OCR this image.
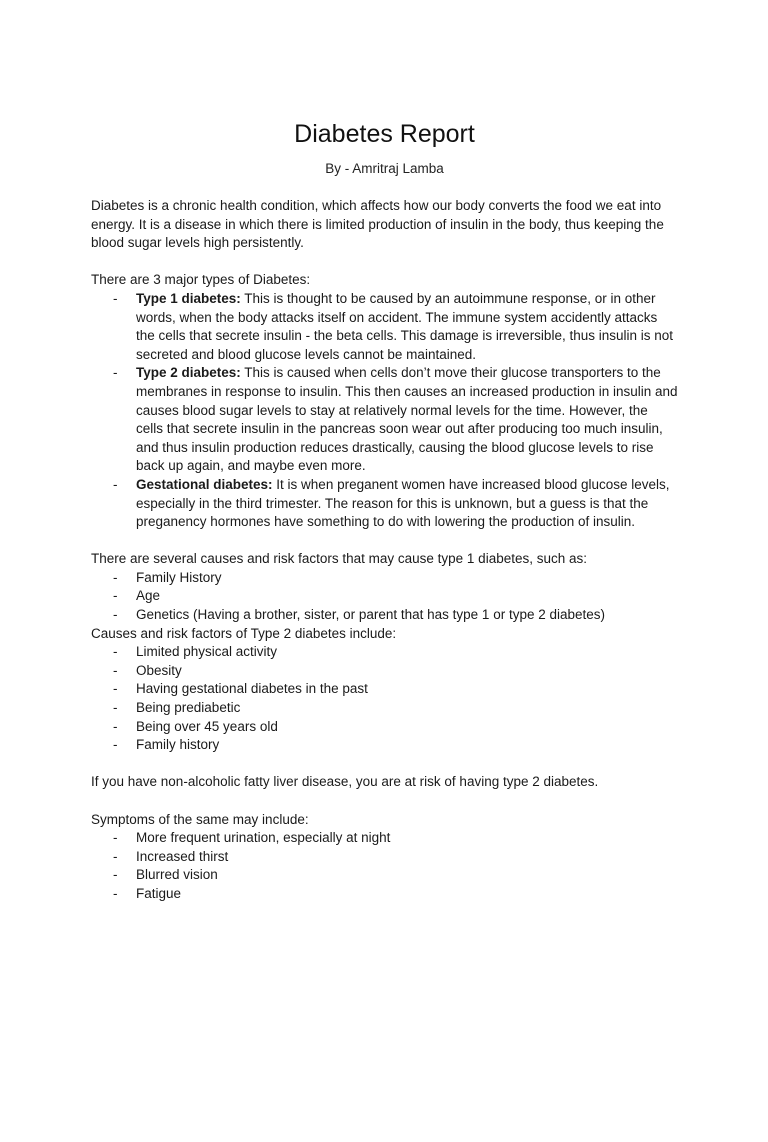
Diabetes Report
By - Amritraj Lamba

Diabetes is a chronic health condition, which affects how our body converts the food we eat into energy. It is a disease in which there is limited production of insulin in the body, thus keeping the blood sugar levels high persistently.

There are 3 major types of Diabetes:

- Type 1 diabetes: This is thought to be caused by an autoimmune response, or in other words, when the body attacks itself on accident. The immune system accidently attacks the cells that secrete insulin - the beta cells. This damage is irreversible, thus insulin is not secreted and blood glucose levels cannot be maintained.
- Type 2 diabetes: This is caused when cells don’t move their glucose transporters to the membranes in response to insulin. This then causes an increased production in insulin and causes blood sugar levels to stay at relatively normal levels for the time. However, the cells that secrete insulin in the pancreas soon wear out after producing too much insulin, and thus insulin production reduces drastically, causing the blood glucose levels to rise back up again, and maybe even more.
- Gestational diabetes: It is when preganent women have increased blood glucose levels, especially in the third trimester. The reason for this is unknown, but a guess is that the preganency hormones have something to do with lowering the production of insulin.

There are several causes and risk factors that may cause type 1 diabetes, such as:

- Family History
- Age
- Genetics (Having a brother, sister, or parent that has type 1 or type 2 diabetes)

Causes and risk factors of Type 2 diabetes include:

- Limited physical activity
- Obesity
- Having gestational diabetes in the past
- Being prediabetic
- Being over 45 years old
- Family history

If you have non-alcoholic fatty liver disease, you are at risk of having type 2 diabetes.

Symptoms of the same may include:

- More frequent urination, especially at night
- Increased thirst
- Blurred vision
- Fatigue
